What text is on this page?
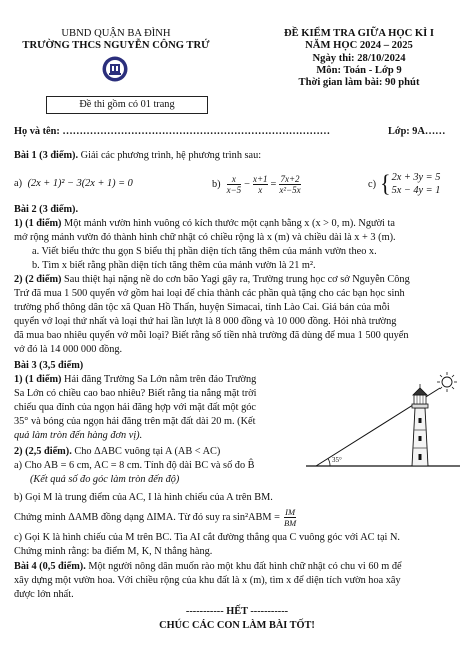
UBND QUẬN BA ĐÌNH
TRƯỜNG THCS NGUYỄN CÔNG TRỨ
Đề thi gồm có 01 trang
ĐỀ KIỂM TRA GIỮA HỌC KÌ I
NĂM HỌC 2024 – 2025
Ngày thi: 28/10/2024
Môn: Toán - Lớp 9
Thời gian làm bài: 90 phút
Họ và tên: ……………………………………………………………………	Lớp: 9A……
Bài 1 (3 điểm). Giải các phương trình, hệ phương trình sau:
a) (2x + 1)² − 3(2x + 1) = 0	b) x
x−5 − x+1
x = 7x+2
x²−5x	c) { 2x + 3y = 5
5x − 4y = 1
Bài 2 (3 điểm).
1) (1 điểm) Một mảnh vườn hình vuông có kích thước một cạnh bằng x (x > 0, m). Người ta
mở rộng mảnh vườn đó thành hình chữ nhật có chiều rộng là x (m) và chiều dài là x + 3 (m).
a. Viết biểu thức thu gọn S biểu thị phần diện tích tăng thêm của mảnh vườn theo x.
b. Tìm x biết rằng phần diện tích tăng thêm của mảnh vườn là 21 m².
2) (2 điểm) Sau thiệt hại nặng nề do cơn bão Yagi gây ra, Trường trung học cơ sở Nguyễn Công
Trứ đã mua 1 500 quyển vở gồm hai loại để chia thành các phần quà tặng cho các bạn học sinh
trường phổ thông dân tộc xã Quan Hồ Thẩn, huyện Simacai, tỉnh Lào Cai. Giá bán của mỗi
quyển vở loại thứ nhất và loại thứ hai lần lượt là 8 000 đồng và 10 000 đồng. Hỏi nhà trường
đã mua bao nhiêu quyển vở mỗi loại? Biết rằng số tiền nhà trường đã dùng để mua 1 500 quyển
vở đó là 14 000 000 đồng.
Bài 3 (3,5 điểm)
1) (1 điểm) Hải đăng Trường Sa Lớn nằm trên đảo Trường
Sa Lớn có chiều cao bao nhiêu? Biết rằng tia nắng mặt trời
chiếu qua đỉnh của ngọn hải đăng hợp với mặt đất một góc
35° và bóng của ngọn hải đăng trên mặt đất dài 20 m. (Kết
quả làm tròn đến hàng đơn vị).
35°
2) (2,5 điểm). Cho ΔABC vuông tại A (AB < AC)
a) Cho AB = 6 cm, AC = 8 cm. Tính độ dài BC và số đo B̂
(Kết quả số đo góc làm tròn đến độ)
b) Gọi M là trung điểm của AC, I là hình chiếu của A trên BM.
Chứng minh ΔAMB đồng dạng ΔIMA. Từ đó suy ra sin²ABM = IM
BM
c) Gọi K là hình chiếu của M trên BC. Tia AI cắt đường thẳng qua C vuông góc với AC tại N.
Chứng minh rằng: ba điểm M, K, N thẳng hàng.
Bài 4 (0,5 điểm). Một người nông dân muốn rào một khu đất hình chữ nhật có chu vi 60 m để
xây dựng một vườn hoa. Với chiều rộng của khu đất là x (m), tìm x để diện tích vườn hoa xây
được lớn nhất.
----------- HẾT -----------
CHÚC CÁC CON LÀM BÀI TỐT!
